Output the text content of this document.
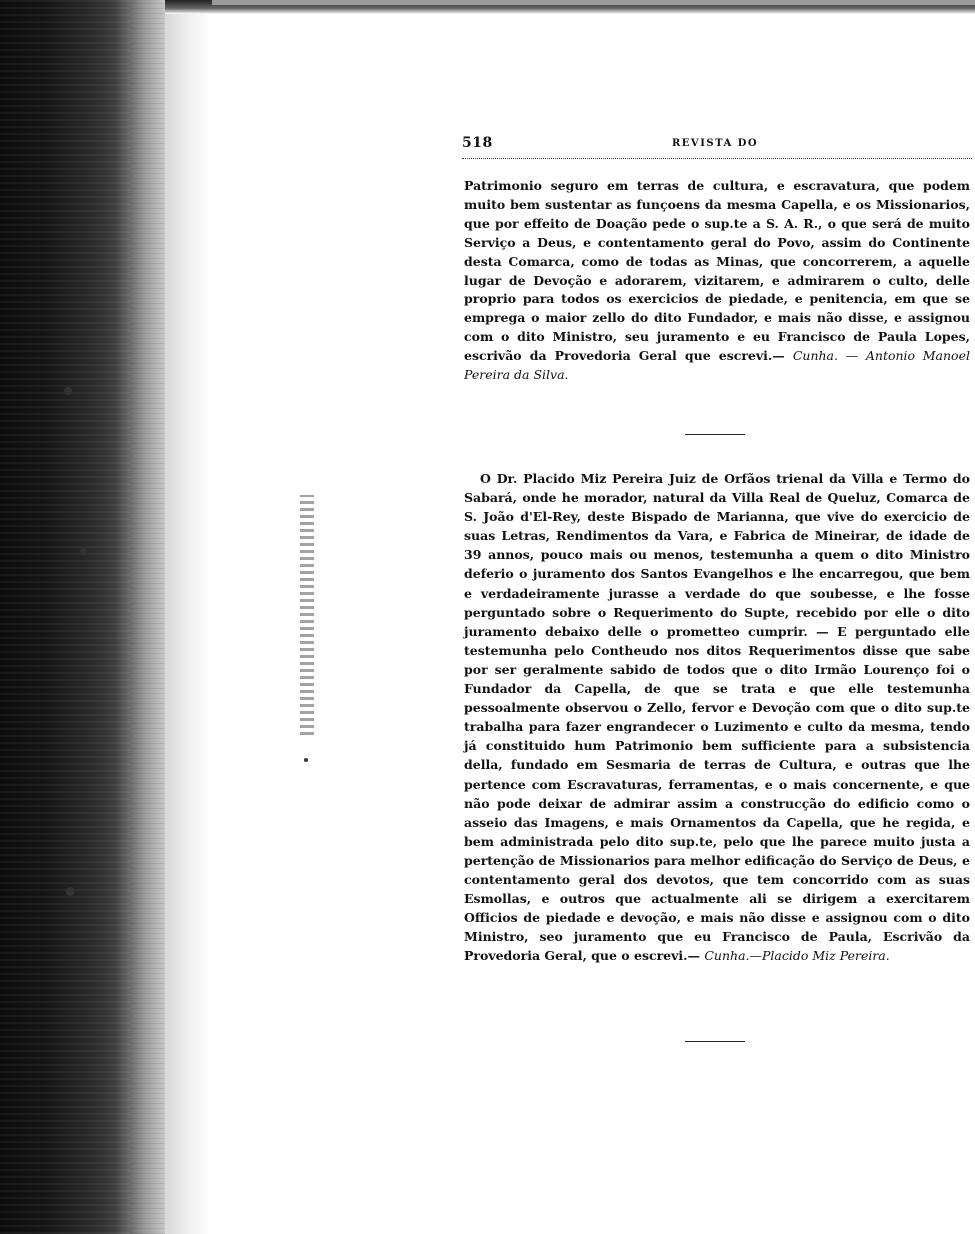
518	REVISTA DO

Patrimonio seguro em terras de cultura, e escravatura, que podem muito bem sustentar as funçoens da mesma Capella, e os Missionarios, que por effeito de Doação pede o sup.te a S. A. R., o que será de muito Serviço a Deus, e contentamento geral do Povo, assim do Continente desta Comarca, como de todas as Minas, que concorrerem, a aquelle lugar de Devoção e adorarem, vizitarem, e admirarem o culto, delle proprio para todos os exercicios de piedade, e penitencia, em que se emprega o maior zello do dito Fundador, e mais não disse, e assignou com o dito Ministro, seu juramento e eu Francisco de Paula Lopes, escrivão da Provedoria Geral que escrevi.— Cunha. — Antonio Manoel Pereira da Silva.

O Dr. Placido Miz Pereira Juiz de Orfãos trienal da Villa e Termo do Sabará, onde he morador, natural da Villa Real de Queluz, Comarca de S. João d'El-Rey, deste Bispado de Marianna, que vive do exercicio de suas Letras, Rendimentos da Vara, e Fabrica de Mineirar, de idade de 39 annos, pouco mais ou menos, testemunha a quem o dito Ministro deferio o juramento dos Santos Evangelhos e lhe encarregou, que bem e verdadeiramente jurasse a verdade do que soubesse, e lhe fosse perguntado sobre o Requerimento do Supte, recebido por elle o dito juramento debaixo delle o prometteo cumprir. — E perguntado elle testemunha pelo Contheudo nos ditos Requerimentos disse que sabe por ser geralmente sabido de todos que o dito Irmão Lourenço foi o Fundador da Capella, de que se trata e que elle testemunha pessoalmente observou o Zello, fervor e Devoção com que o dito sup.te trabalha para fazer engrandecer o Luzimento e culto da mesma, tendo já constituido hum Patrimonio bem sufficiente para a subsistencia della, fundado em Sesmaria de terras de Cultura, e outras que lhe pertence com Escravaturas, ferramentas, e o mais concernente, e que não pode deixar de admirar assim a construcção do edificio como o asseio das Imagens, e mais Ornamentos da Capella, que he regida, e bem administrada pelo dito sup.te, pelo que lhe parece muito justa a pertenção de Missionarios para melhor edificação do Serviço de Deus, e contentamento geral dos devotos, que tem concorrido com as suas Esmollas, e outros que actualmente ali se dirigem a exercitarem Officios de piedade e devoção, e mais não disse e assignou com o dito Ministro, seo juramento que eu Francisco de Paula, Escrivão da Provedoria Geral, que o escrevi.— Cunha.—Placido Miz Pereira.
